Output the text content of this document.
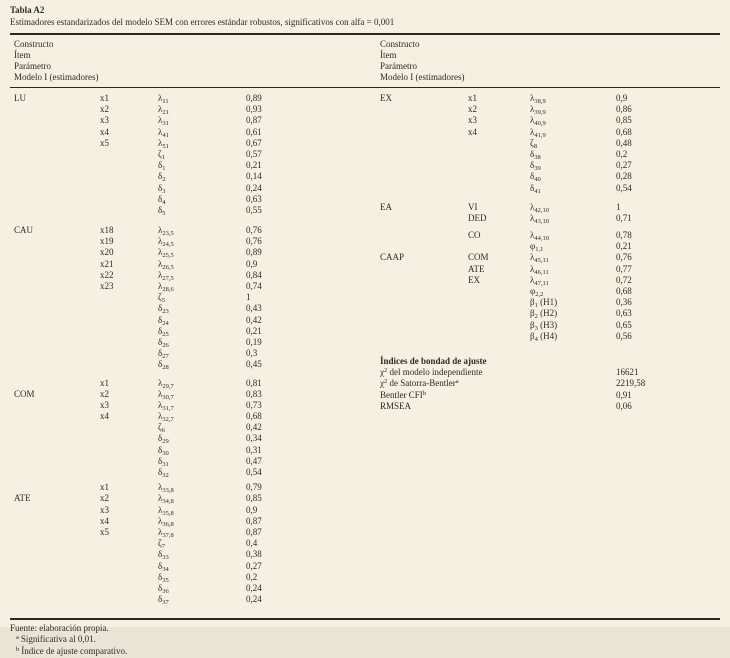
Tabla A2
Estimadores estandarizados del modelo SEM con errores estándar robustos, significativos con alfa = 0,001
Constructo
Ítem
Parámetro
Modelo I (estimadores)
Constructo
Ítem
Parámetro
Modelo I (estimadores)
LU	x1	$\lambda_{11}$	0,89
x2	$\lambda_{21}$	0,93
x3	$\lambda_{31}$	0,87
x4	$\lambda_{41}$	0,61
x5	$\lambda_{51}$	0,67
$\zeta_1$	0,57
$\delta_1$	0,21
$\delta_2$	0,14
$\delta_3$	0,24
$\delta_4$	0,63
$\delta_5$	0,55
CAU	x18	$\lambda_{23,5}$	0,76
x19	$\lambda_{24,5}$	0,76
x20	$\lambda_{25,5}$	0,89
x21	$\lambda_{26,5}$	0,9
x22	$\lambda_{27,5}$	0,84
x23	$\lambda_{28,6}$	0,74
$\zeta_5$	1
$\delta_{23}$	0,43
$\delta_{24}$	0,42
$\delta_{25}$	0,21
$\delta_{26}$	0,19
$\delta_{27}$	0,3
$\delta_{28}$	0,45
x1	$\lambda_{29,7}$	0,81
COM	x2	$\lambda_{30,7}$	0,83
x3	$\lambda_{31,7}$	0,73
x4	$\lambda_{32,7}$	0,68
$\zeta_6$	0,42
$\delta_{29}$	0,34
$\delta_{30}$	0,31
$\delta_{31}$	0,47
$\delta_{32}$	0,54
x1	$\lambda_{33,8}$	0,79
ATE	x2	$\lambda_{34,8}$	0,85
x3	$\lambda_{35,8}$	0,9
x4	$\lambda_{36,8}$	0,87
x5	$\lambda_{37,8}$	0,87
$\zeta_7$	0,4
$\delta_{33}$	0,38
$\delta_{34}$	0,27
$\delta_{35}$	0,2
$\delta_{36}$	0,24
$\delta_{37}$	0,24
EX	x1	$\lambda_{38,9}$	0,9
x2	$\lambda_{39,9}$	0,86
x3	$\lambda_{40,9}$	0,85
x4	$\lambda_{41,9}$	0,68
$\zeta_8$	0,48
$\delta_{38}$	0,2
$\delta_{39}$	0,27
$\delta_{40}$	0,28
$\delta_{41}$	0,54
EA	VI	$\lambda_{42,10}$	1
DED	$\lambda_{43,10}$	0,71
CO	$\lambda_{44,10}$	0,78
$\varphi_{1,1}$	0,21
CAAP	COM	$\lambda_{45,11}$	0,76
ATE	$\lambda_{46,11}$	0,77
EX	$\lambda_{47,11}$	0,72
$\varphi_{2,2}$	0,68
$\beta_1$ (H1)	0,36
$\beta_2$ (H2)	0,63
$\beta_3$ (H3)	0,65
$\beta_4$ (H4)	0,56
Índices de bondad de ajuste
$\chi^2$ del modelo independiente	16621
$\chi^2$ de Satorra-Bentler$^a$	2219,58
Bentler CFI$^b$	0,91
RMSEA	0,06
Fuente: elaboración propia.
$^a$ Significativa al 0,01.
$^b$ Índice de ajuste comparativo.
